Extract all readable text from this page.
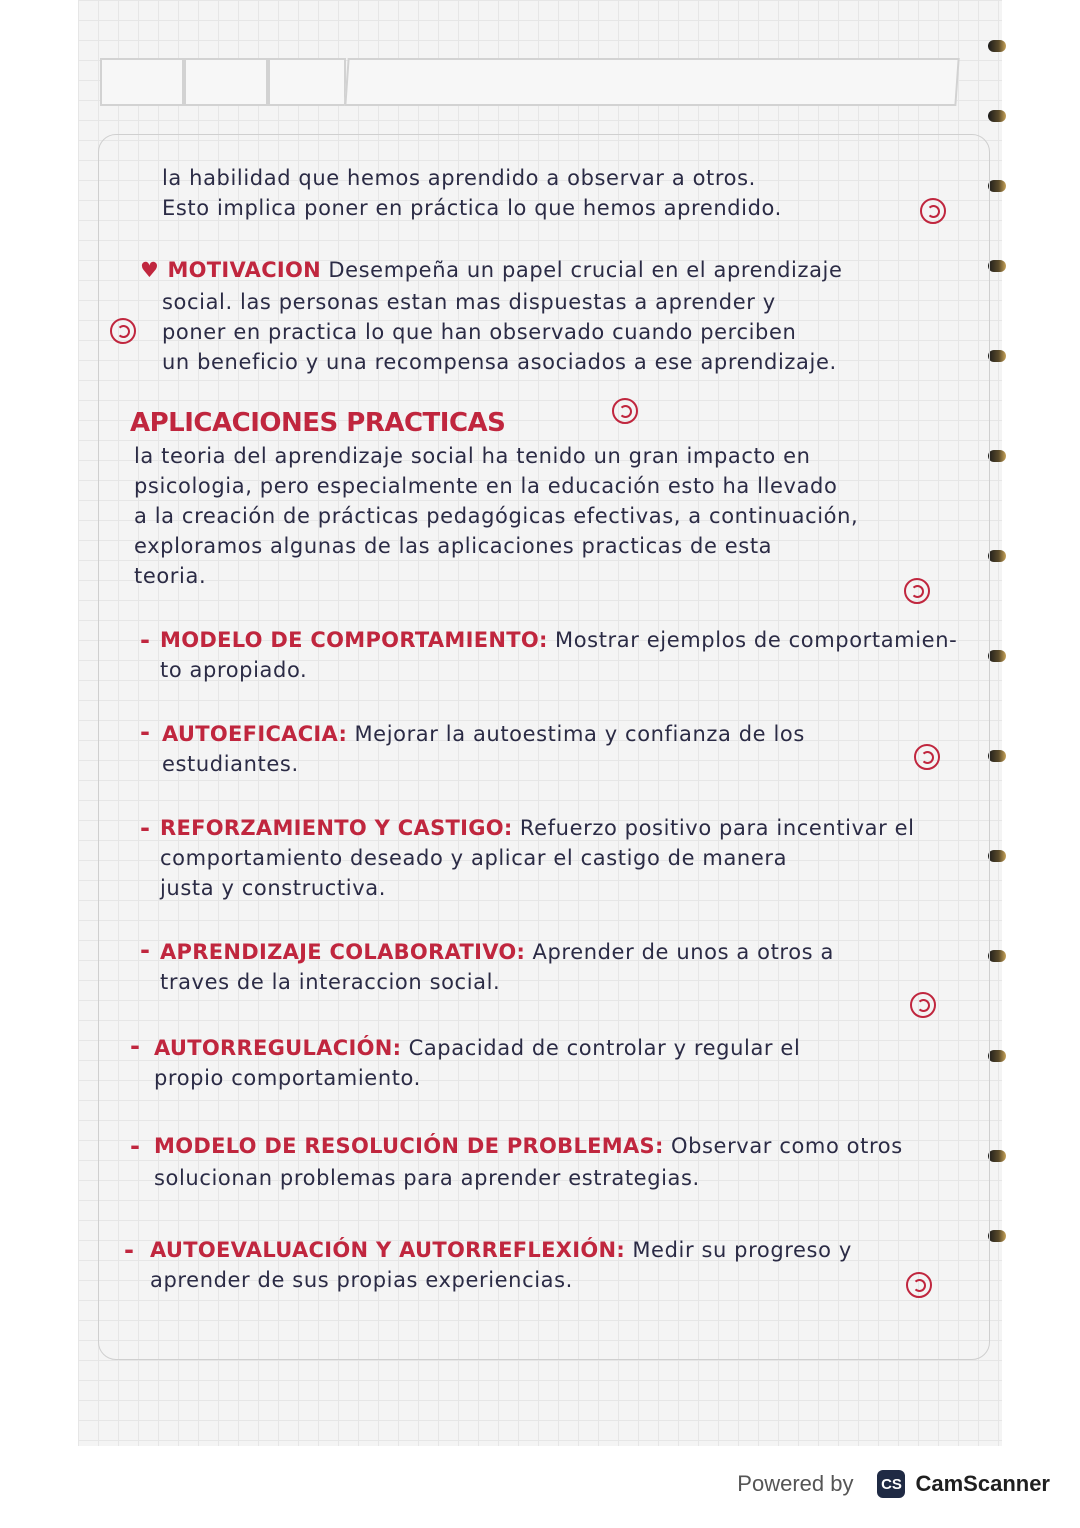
la habilidad que hemos aprendido a observar a otros.
Esto implica poner en práctica lo que hemos aprendido.
♥ MOTIVACION Desempeña un papel crucial en el aprendizaje
social. las personas estan mas dispuestas a aprender y
poner en practica lo que han observado cuando perciben
un beneficio y una recompensa asociados a ese aprendizaje.
APLICACIONES PRACTICAS
la teoria del aprendizaje social ha tenido un gran impacto en
psicologia, pero especialmente en la educación esto ha llevado
a la creación de prácticas pedagógicas efectivas, a continuación,
exploramos algunas de las aplicaciones practicas de esta
teoria.
- MODELO DE COMPORTAMIENTO: Mostrar ejemplos de comportamien-
to apropiado.
- AUTOEFICACIA: Mejorar la autoestima y confianza de los
estudiantes.
- REFORZAMIENTO Y CASTIGO: Refuerzo positivo para incentivar el
comportamiento deseado y aplicar el castigo de manera
justa y constructiva.
- APRENDIZAJE COLABORATIVO: Aprender de unos a otros a
traves de la interaccion social.
- AUTORREGULACIÓN: Capacidad de controlar y regular el
propio comportamiento.
- MODELO DE RESOLUCIÓN DE PROBLEMAS: Observar como otros
solucionan problemas para aprender estrategias.
- AUTOEVALUACIÓN Y AUTORREFLEXIÓN: Medir su progreso y
aprender de sus propias experiencias.
Powered by CS CamScanner
